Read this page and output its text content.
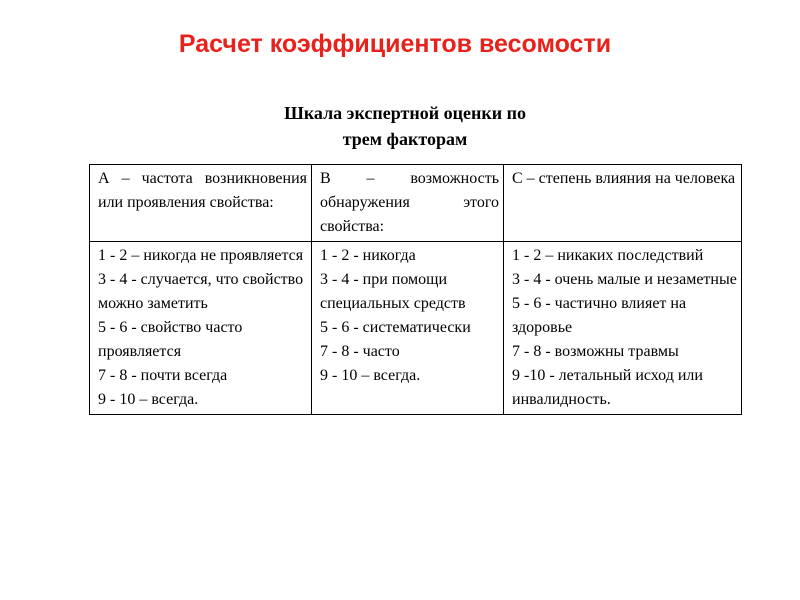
Расчет коэффициентов весомости
Шкала экспертной оценки по
трем факторам
А – частота возникновения или проявления свойства:	В – возможность обнаружения этого свойства:	С – степень влияния на человека

1 - 2 – никогда не проявляется
3 - 4 - случается, что свойство можно заметить
5 - 6 - свойство часто проявляется
7 - 8 - почти всегда
9 - 10 – всегда.	1 - 2 - никогда
3 - 4 - при помощи специальных средств
5 - 6 - систематически
7 - 8 - часто
9 - 10 – всегда.	1 - 2 – никаких последствий
3 - 4 - очень малые и незаметные
5 - 6 - частично влияет на здоровье
7 - 8 - возможны травмы
9 -10 - летальный исход или инвалидность.
